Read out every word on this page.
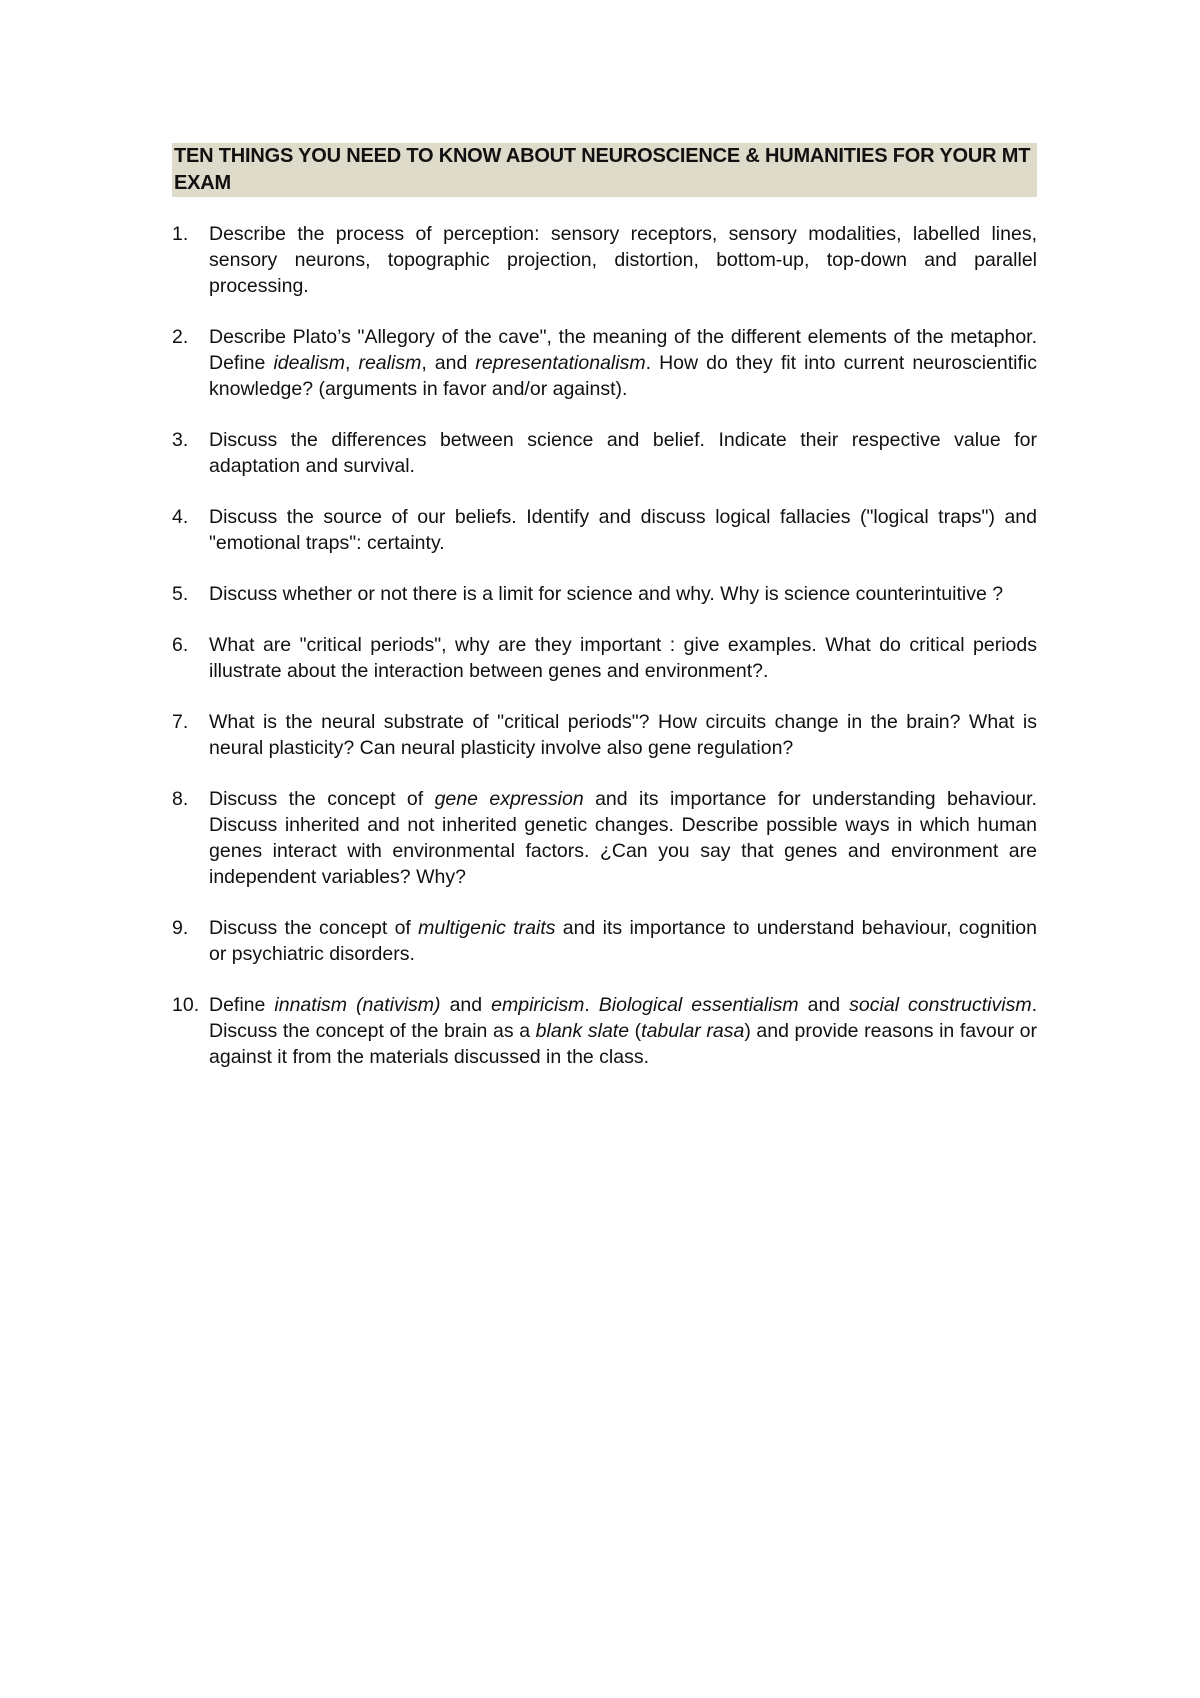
TEN THINGS YOU NEED TO KNOW ABOUT NEUROSCIENCE & HUMANITIES FOR YOUR MT EXAM
1. Describe the process of perception: sensory receptors, sensory modalities, labelled lines, sensory neurons, topographic projection, distortion, bottom-up, top-down and parallel processing.
2. Describe Plato’s "Allegory of the cave", the meaning of the different elements of the metaphor. Define idealism, realism, and representationalism. How do they fit into current neuroscientific knowledge? (arguments in favor and/or against).
3. Discuss the differences between science and belief. Indicate their respective value for adaptation and survival.
4. Discuss the source of our beliefs. Identify and discuss logical fallacies ("logical traps") and "emotional traps": certainty.
5. Discuss whether or not there is a limit for science and why. Why is science counterintuitive ?
6. What are "critical periods", why are they important : give examples. What do critical periods illustrate about the interaction between genes and environment?.
7. What is the neural substrate of "critical periods"? How circuits change in the brain? What is neural plasticity? Can neural plasticity involve also gene regulation?
8. Discuss the concept of gene expression and its importance for understanding behaviour. Discuss inherited and not inherited genetic changes. Describe possible ways in which human genes interact with environmental factors. ¿Can you say that genes and environment are independent variables? Why?
9. Discuss the concept of multigenic traits and its importance to understand behaviour, cognition or psychiatric disorders.
10. Define innatism (nativism) and empiricism. Biological essentialism and social constructivism. Discuss the concept of the brain as a blank slate (tabular rasa) and provide reasons in favour or against it from the materials discussed in the class.
